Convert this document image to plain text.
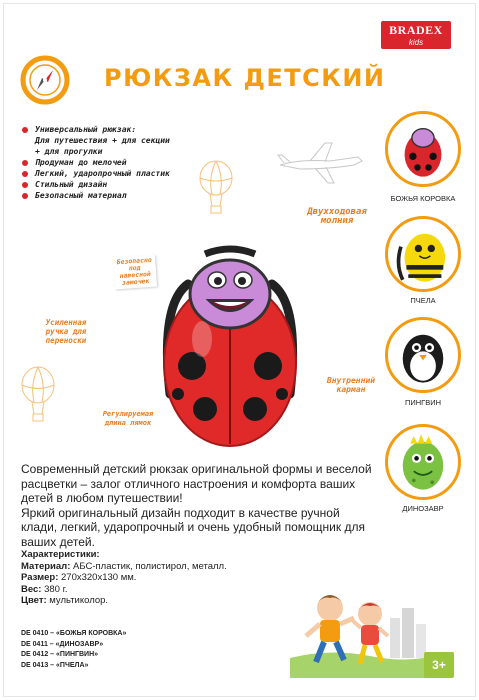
BRADEX
kids
РЮКЗАК ДЕТСКИЙ
Универсальный рюкзак:
Для путешествия + для секции
+ для прогулки
Продуман до мелочей
Легкий, ударопрочный пластик
Стильный дизайн
Безопасный материал
Двухходовая молния
Безопасно под навесной замочек
Усиленная ручка для переноски
Внутренний карман
Регулируемая длина лямок
БОЖЬЯ КОРОВКА
ПЧЕЛА
ПИНГВИН
ДИНОЗАВР

Современный детский рюкзак оригинальной формы и веселой расцветки – залог отличного настроения и комфорта ваших детей в любом путешествии!

Яркий оригинальный дизайн подходит в качестве ручной клади, легкий, ударопрочный и очень удобный помощник для ваших детей.

Характеристики:
Материал: АБС-пластик, полистирол, металл.
Размер: 270х320х130 мм.
Вес: 380 г.
Цвет: мультиколор.
DE 0410 – «БОЖЬЯ КОРОВКА»
DE 0411 – «ДИНОЗАВР»
DE 0412 – «ПИНГВИН»
DE 0413 – «ПЧЕЛА»	3+
